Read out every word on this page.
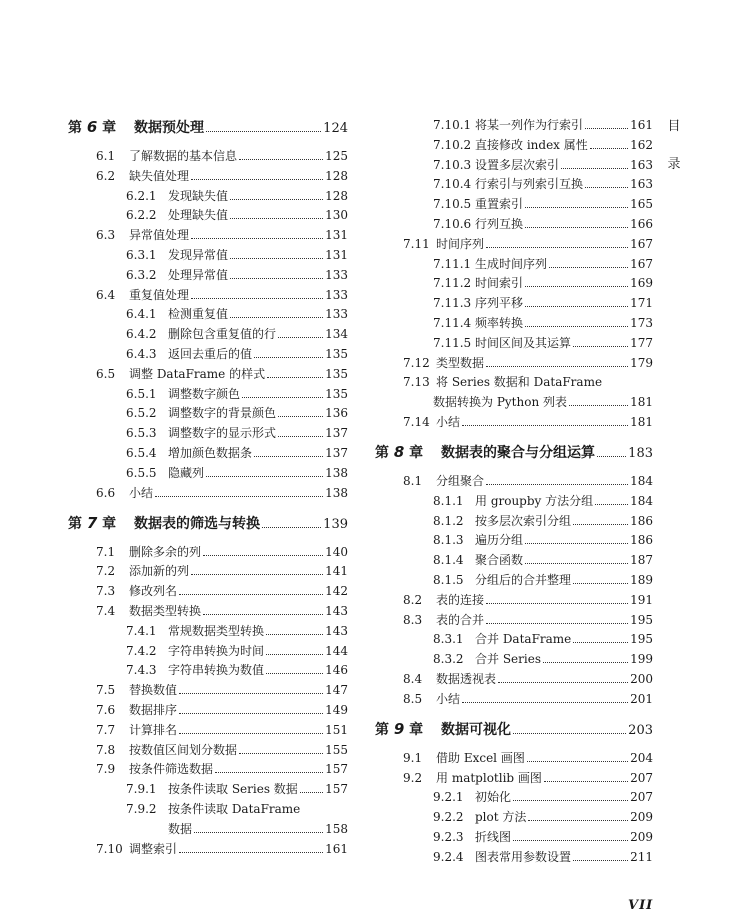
第 6 章	数据预处理	124
6.1	了解数据的基本信息	125
6.2	缺失值处理	128
6.2.1 发现缺失值	128
6.2.2 处理缺失值	130
6.3	异常值处理	131
6.3.1 发现异常值	131
6.3.2 处理异常值	133
6.4	重复值处理	133
6.4.1 检测重复值	133
6.4.2 删除包含重复值的行	134
6.4.3 返回去重后的值	135
6.5	调整 DataFrame 的样式	135
6.5.1 调整数字颜色	135
6.5.2 调整数字的背景颜色	136
6.5.3 调整数字的显示形式	137
6.5.4 增加颜色数据条	137
6.5.5 隐藏列	138
6.6	小结	138
第 7 章	数据表的筛选与转换	139
7.1	删除多余的列	140
7.2	添加新的列	141
7.3	修改列名	142
7.4	数据类型转换	143
7.4.1 常规数据类型转换	143
7.4.2 字符串转换为时间	144
7.4.3 字符串转换为数值	146
7.5	替换数值	147
7.6	数据排序	149
7.7	计算排名	151
7.8	按数值区间划分数据	155
7.9	按条件筛选数据	157
7.9.1 按条件读取 Series 数据 157
7.9.2 按条件读取 DataFrame
数据	158
7.10 调整索引	161
7.10.1 将某一列作为行索引	161
7.10.2 直接修改 index 属性	162
7.10.3 设置多层次索引	163
7.10.4 行索引与列索引互换	163
7.10.5 重置索引	165
7.10.6 行列互换	166
7.11 时间序列	167
7.11.1 生成时间序列	167
7.11.2 时间索引	169
7.11.3 序列平移	171
7.11.4 频率转换	173
7.11.5 时间区间及其运算	177
7.12 类型数据	179
7.13 将 Series 数据和 DataFrame
数据转换为 Python 列表	181
7.14 小结	181
第 8 章	数据表的聚合与分组运算	183
8.1	分组聚合	184
8.1.1 用 groupby 方法分组	184
8.1.2 按多层次索引分组	186
8.1.3 遍历分组	186
8.1.4 聚合函数	187
8.1.5 分组后的合并整理	189
8.2	表的连接	191
8.3	表的合并	195
8.3.1 合并 DataFrame	195
8.3.2 合并 Series	199
8.4	数据透视表	200
8.5	小结	201
第 9 章	数据可视化	203
9.1	借助 Excel 画图	204
9.2	用 matplotlib 画图	207
9.2.1 初始化	207
9.2.2 plot 方法	209
9.2.3 折线图	209
9.2.4 图表常用参数设置	211
目
录
VII
